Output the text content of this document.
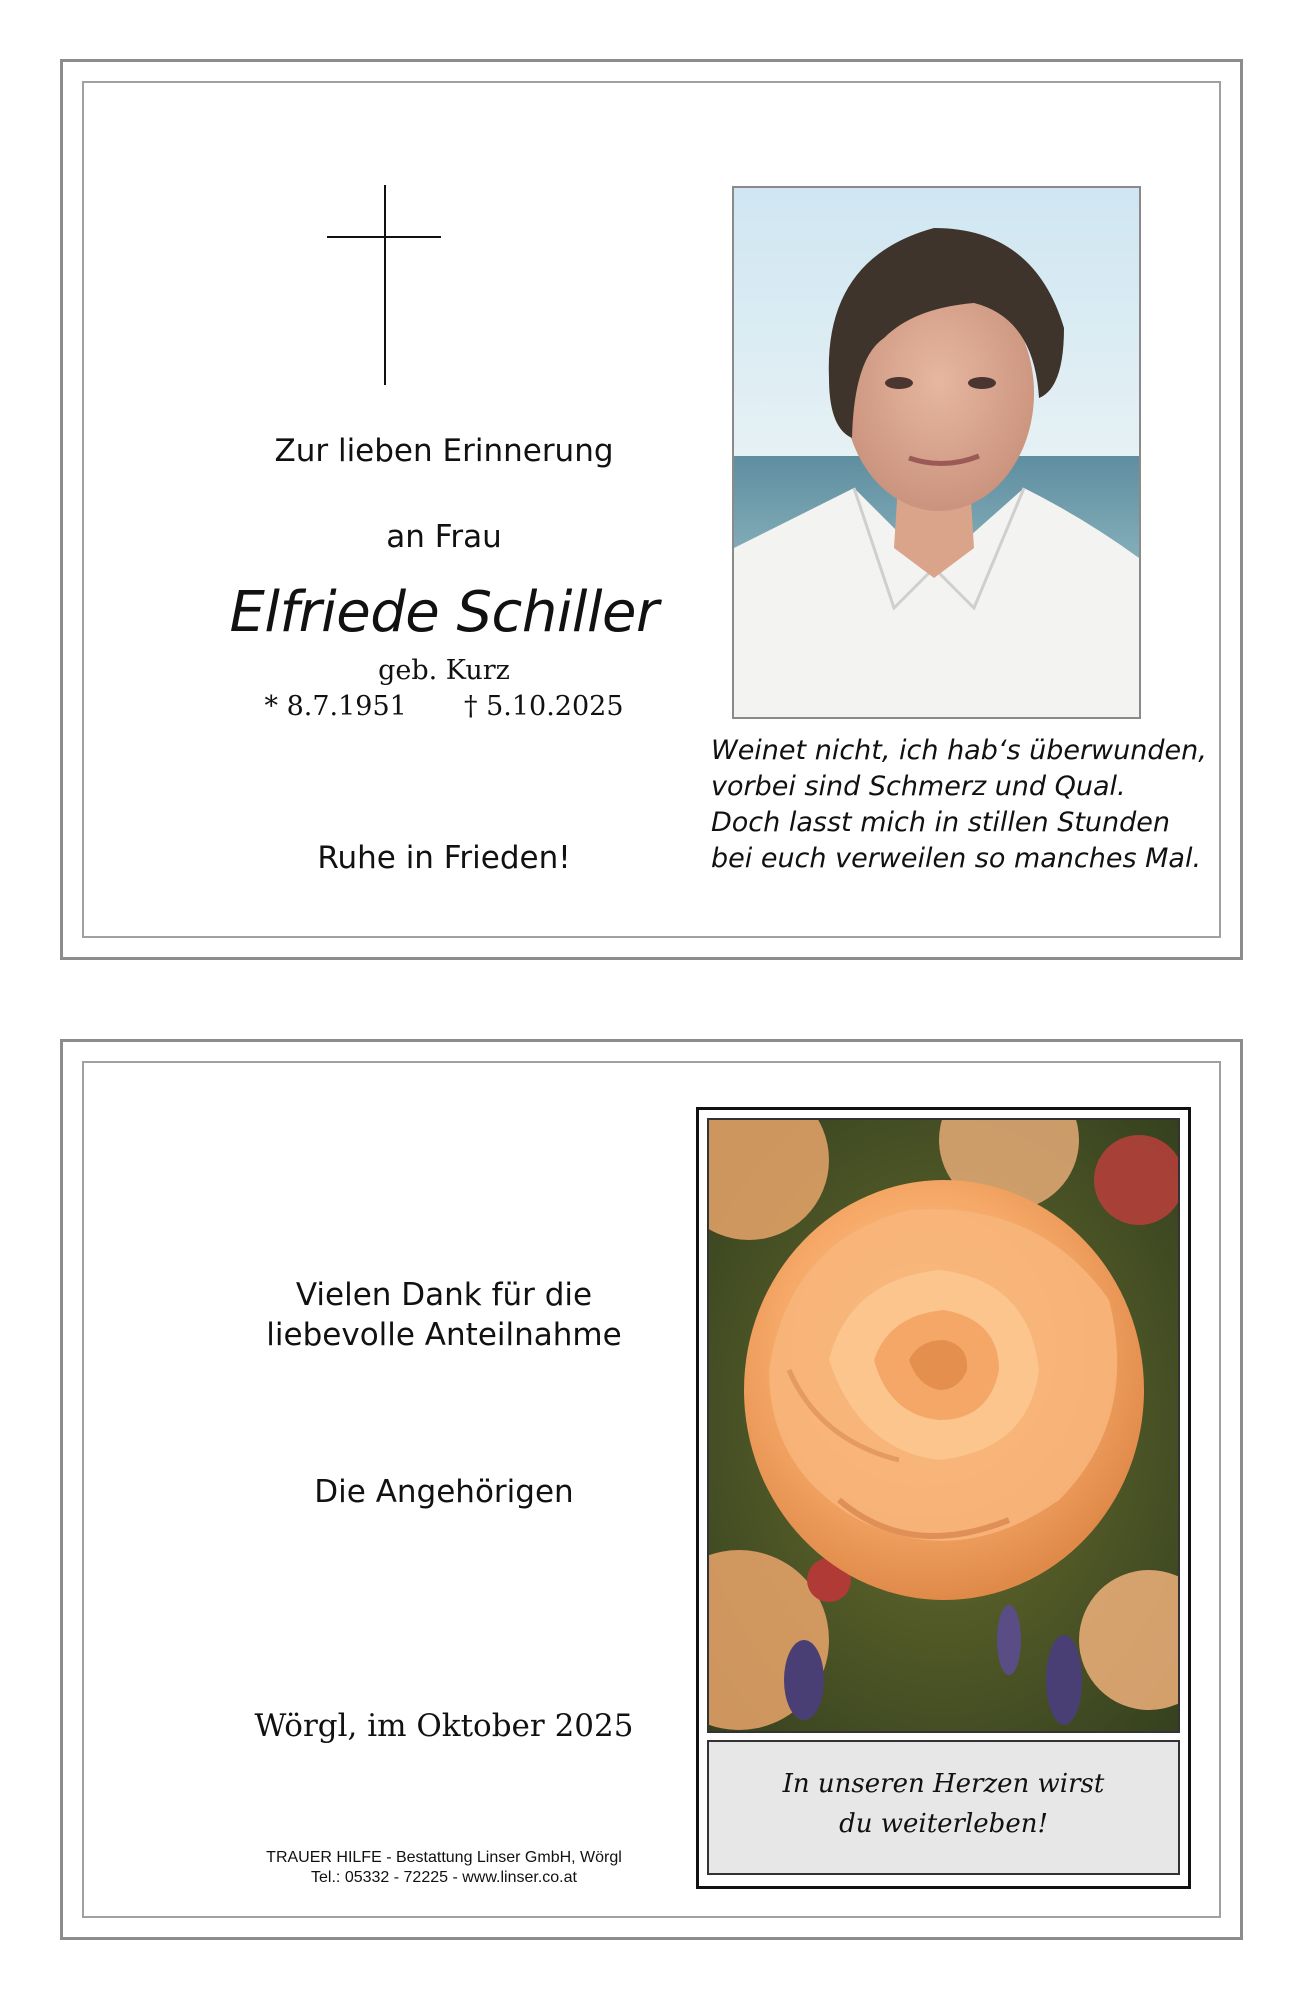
Zur lieben Erinnerung
an Frau
Elfriede Schiller
geb. Kurz
* 8.7.1951 † 5.10.2025
Ruhe in Frieden!
Weinet nicht, ich hab‘s überwunden,
vorbei sind Schmerz und Qual.
Doch lasst mich in stillen Stunden
bei euch verweilen so manches Mal.
Vielen Dank für die
liebevolle Anteilnahme
Die Angehörigen
Wörgl, im Oktober 2025
TRAUER HILFE - Bestattung Linser GmbH, Wörgl
Tel.: 05332 - 72225 - www.linser.co.at
In unseren Herzen wirst
du weiterleben!
